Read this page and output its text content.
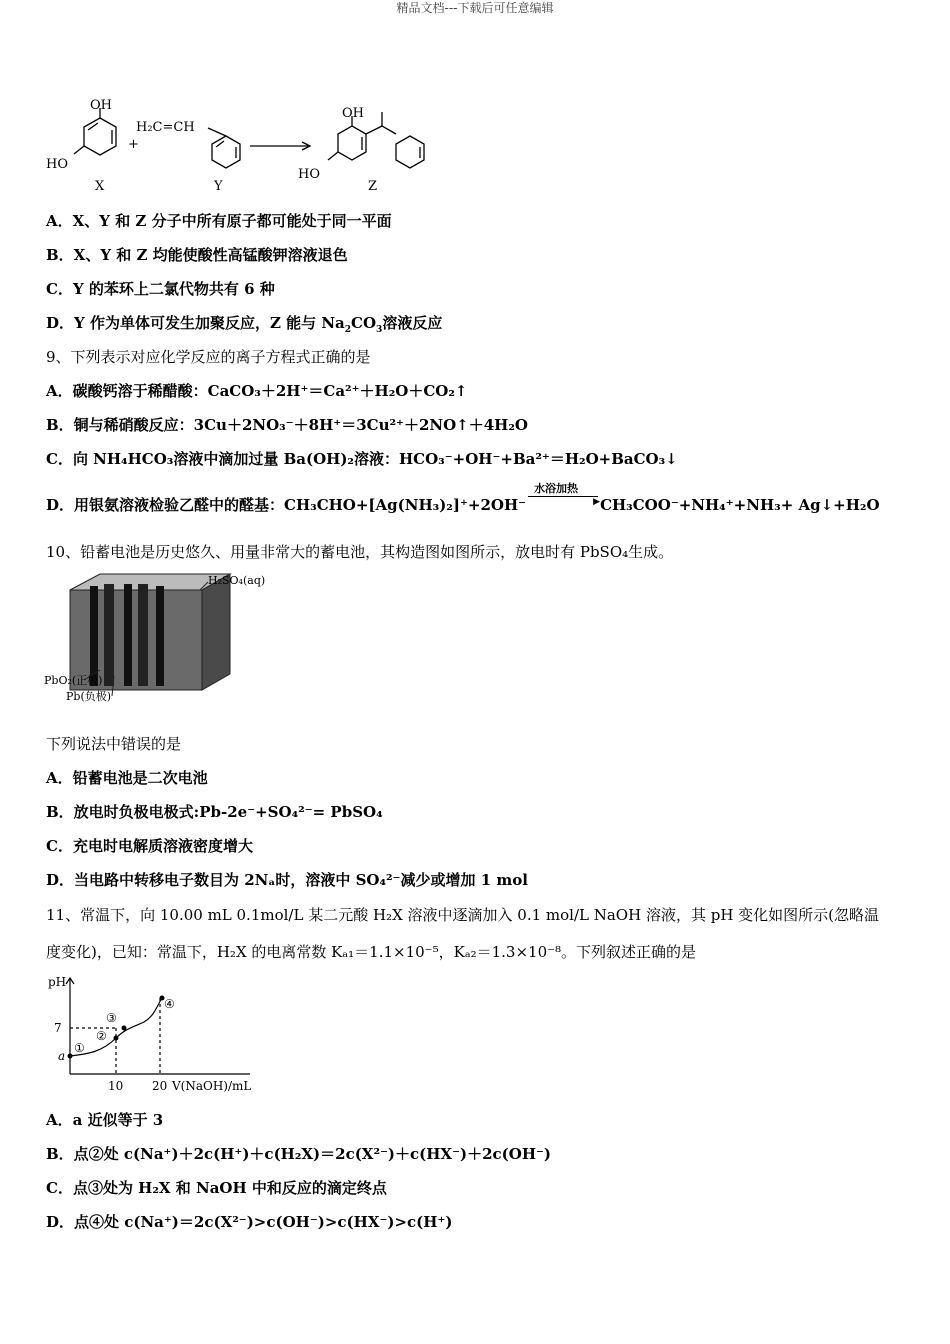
精品文档---下载后可任意编辑
OH
HO
X
+
H₂C=CH
Y
OH
HO
Z
A．X、Y 和 Z 分子中所有原子都可能处于同一平面
B．X、Y 和 Z 均能使酸性高锰酸钾溶液退色
C．Y 的苯环上二氯代物共有 6 种
D．Y 作为单体可发生加聚反应，Z 能与 $Na_2CO_3$溶液反应
9、下列表示对应化学反应的离子方程式正确的是
A．碳酸钙溶于稀醋酸：CaCO₃＋2H⁺＝Ca²⁺＋H₂O＋CO₂↑
B．铜与稀硝酸反应：3Cu＋2NO₃⁻＋8H⁺＝3Cu²⁺＋2NO↑＋4H₂O
C．向 NH₄HCO₃溶液中滴加过量 Ba(OH)₂溶液：HCO₃⁻+OH⁻+Ba²⁺＝H₂O+BaCO₃↓
D．用银氨溶液检验乙醛中的醛基：CH₃CHO+[Ag(NH₃)₂]⁺+2OH⁻
水浴加热
▶ CH₃COO⁻+NH₄⁺+NH₃+ Ag↓+H₂O
10、铅蓄电池是历史悠久、用量非常大的蓄电池，其构造图如图所示，放电时有 PbSO₄生成。
H₂SO₄(aq)
PbO₂(正极)
Pb(负极)
下列说法中错误的是
A．铅蓄电池是二次电池
B．放电时负极电极式:Pb-2e⁻+SO₄²⁻= PbSO₄
C．充电时电解质溶液密度增大
D．当电路中转移电子数目为 2Nₐ时，溶液中 SO₄²⁻减少或增加 1 mol
11、常温下，向 10.00 mL 0.1mol/L 某二元酸 H₂X 溶液中逐滴加入 0.1 mol/L NaOH 溶液，其 pH 变化如图所示(忽略温
度变化)，已知：常温下，H₂X 的电离常数 Kₐ₁＝1.1×10⁻⁵，Kₐ₂＝1.3×10⁻⁸。下列叙述正确的是
pH
7
a
10 20 V(NaOH)/mL
①
②
③
④
A．a 近似等于 3
B．点②处 c(Na⁺)＋2c(H⁺)＋c(H₂X)＝2c(X²⁻)＋c(HX⁻)＋2c(OH⁻)
C．点③处为 H₂X 和 NaOH 中和反应的滴定终点
D．点④处 c(Na⁺)＝2c(X²⁻)>c(OH⁻)>c(HX⁻)>c(H⁺)
